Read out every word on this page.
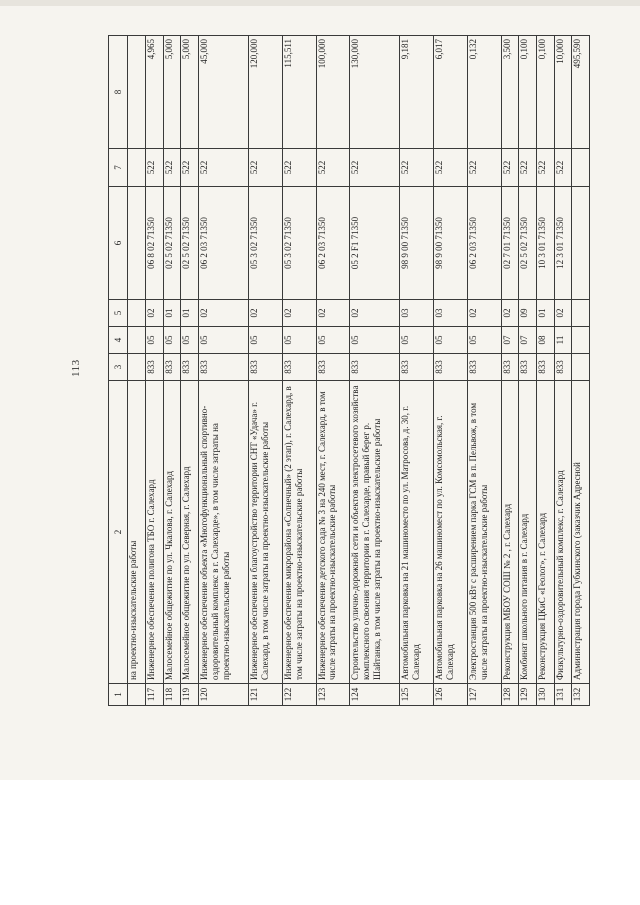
113
1	2	3	4	5	6	7	8
	на проектно-изыскательские работы						
117	Инженерное обеспечение полигона ТБО г. Салехард	833	05	02	06 8 02 71350	522	4,965
118	Малосемейное общежитие по ул. Чкалова, г. Салехард	833	05	01	02 5 02 71350	522	5,000
119	Малосемейное общежитие по ул. Северная, г. Салехард	833	05	01	02 5 02 71350	522	5,000
120	Инженерное обеспечение объекта «Многофункциональный спортивно-оздоровительный комплекс в г. Салехарде», в том числе затраты на проектно-изыскательские работы	833	05	02	06 2 03 71350	522	45,000
121	Инженерное обеспечение и благоустройство территории СНТ «Удача» г. Салехард, в том числе затраты на проектно-изыскательские работы	833	05	02	05 3 02 71350	522	120,000
122	Инженерное обеспечение микрорайона «Солнечный» (2 этап), г. Салехард, в том числе затраты на проектно-изыскательские работы	833	05	02	05 3 02 71350	522	115,511
123	Инженерное обеспечение детского сада № 3 на 240 мест, г. Салехард, в том числе затраты на проектно-изыскательские работы	833	05	02	06 2 03 71350	522	100,000
124	Строительство улично-дорожной сети и объектов электросетевого хозяйства комплексного освоения территории в г. Салехарде, правый берег р. Шайтанка, в том числе затраты на проектно-изыскательские работы	833	05	02	05 2 F1 71350	522	130,000
125	Автомобильная парковка на 21 машиноместо по ул. Матросова, д. 30, г. Салехард	833	05	03	98 9 00 71350	522	9,181
126	Автомобильная парковка на 26 машиномест по ул. Комсомольская, г. Салехард	833	05	03	98 9 00 71350	522	6,017
127	Электростанция 500 кВт с расширением парка ГСМ в п. Пельвож, в том числе затраты на проектно-изыскательские работы	833	05	02	06 2 03 71350	522	0,132
128	Реконструкция МБОУ СОШ № 2 , г. Салехард	833	07	02	02 7 01 71350	522	3,500
129	Комбинат школьного питания в г. Салехард	833	07	09	02 5 02 71350	522	0,100
130	Реконструкция ЦКиС «Геолог», г. Салехард	833	08	01	10 3 01 71350	522	0,100
131	Физкультурно-оздоровительный комплекс, г. Салехард	833	11	02	12 3 01 71350	522	10,000
132	Администрация города Губкинского (заказчик Адресной						495,590
